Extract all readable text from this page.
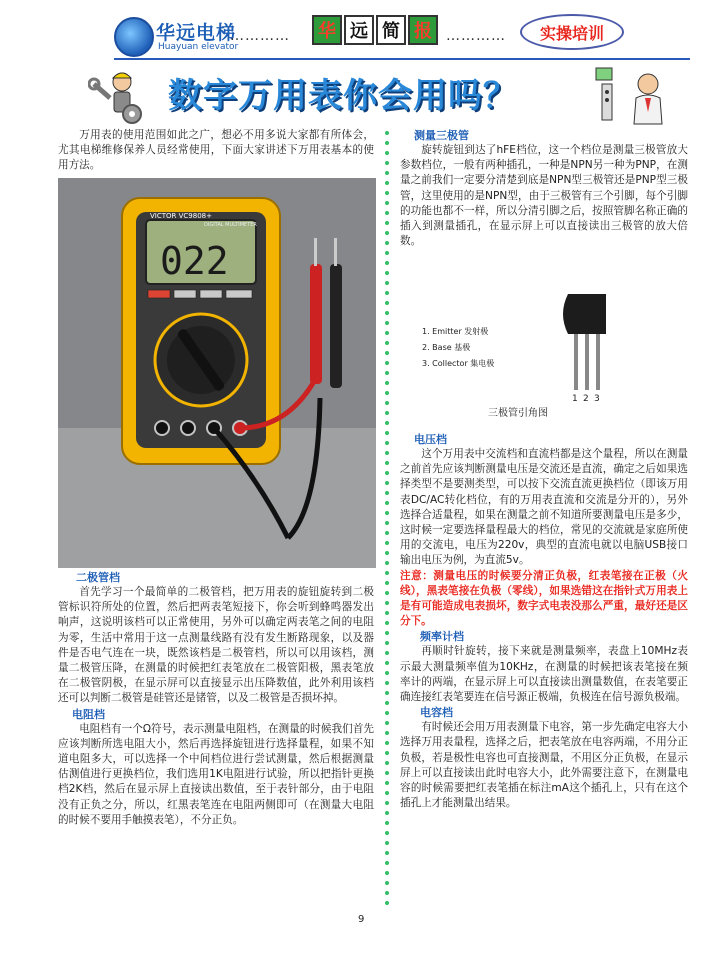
华远电梯
Huayuan elevator
…………	华 远 简 报	…………	实操培训
数字万用表你会用吗？
万用表的使用范围如此之广，想必不用多说大家都有所体会，尤其电梯维修保养人员经常使用，下面大家讲述下万用表基本的使用方法。
VICTOR VC9808+
DIGITAL MULTIMETER
022
二极管档
首先学习一个最简单的二极管档，把万用表的旋钮旋转到二极管标识符所处的位置，然后把两表笔短接下，你会听到蜂鸣器发出响声，这说明该档可以正常使用，另外可以确定两表笔之间的电阻为零，生活中常用于这一点测量线路有没有发生断路现象，以及器件是否电气连在一块，既然该档是二极管档，所以可以用该档，测量二极管压降，在测量的时候把红表笔放在二极管阳极，黑表笔放在二极管阴极，在显示屏可以直接显示出压降数值，此外利用该档还可以判断二极管是硅管还是锗管，以及二极管是否损坏掉。
电阻档
电阻档有一个Ω符号，表示测量电阻档，在测量的时候我们首先应该判断所选电阻大小，然后再选择旋钮进行选择量程，如果不知道电阻多大，可以选择一个中间档位进行尝试测量，然后根据测量估测值进行更换档位，我们选用1K电阻进行试验，所以把指针更换档2K档，然后在显示屏上直接读出数值，至于表针部分，由于电阻没有正负之分，所以，红黑表笔连在电阻两侧即可（在测量大电阻的时候不要用手触摸表笔），不分正负。
测量三极管
旋转旋钮到达了hFE档位，这一个档位是测量三极管放大参数档位，一般有两种插孔，一种是NPN另一种为PNP，在测量之前我们一定要分清楚到底是NPN型三极管还是PNP型三极管，这里使用的是NPN型，由于三极管有三个引脚，每个引脚的功能也都不一样，所以分清引脚之后，按照管脚名称正确的插入到测量插孔，在显示屏上可以直接读出三极管的放大倍数。
1. Emitter 发射极
2. Base 基极
3. Collector 集电极
1 2 3
三极管引角图
电压档
这个万用表中交流档和直流档都是这个量程，所以在测量之前首先应该判断测量电压是交流还是直流，确定之后如果选择类型不是要测类型，可以按下交流直流更换档位（即该万用表DC/AC转化档位，有的万用表直流和交流是分开的），另外选择合适量程，如果在测量之前不知道所要测量电压是多少，这时候一定要选择量程最大的档位，常见的交流就是家庭所使用的交流电，电压为220v，典型的直流电就以电脑USB接口输出电压为例，为直流5v。
注意：测量电压的时候要分清正负极，红表笔接在正极（火线），黑表笔接在负极（零线），如果选错这在指针式万用表上是有可能造成电表损坏，数字式电表没那么严重，最好还是区分下。
频率计档
再顺时针旋转，接下来就是测量频率，表盘上10MHz表示最大测量频率值为10KHz，在测量的时候把该表笔接在频率计的两端，在显示屏上可以直接读出测量数值，在表笔要正确连接红表笔要连在信号源正极端，负极连在信号源负极端。
电容档
有时候还会用万用表测量下电容，第一步先确定电容大小选择万用表量程，选择之后，把表笔放在电容两端，不用分正负极，若是极性电容也可直接测量，不用区分正负极，在显示屏上可以直接读出此时电容大小，此外需要注意下，在测量电容的时候需要把红表笔插在标注mA这个插孔上，只有在这个插孔上才能测量出结果。
9
